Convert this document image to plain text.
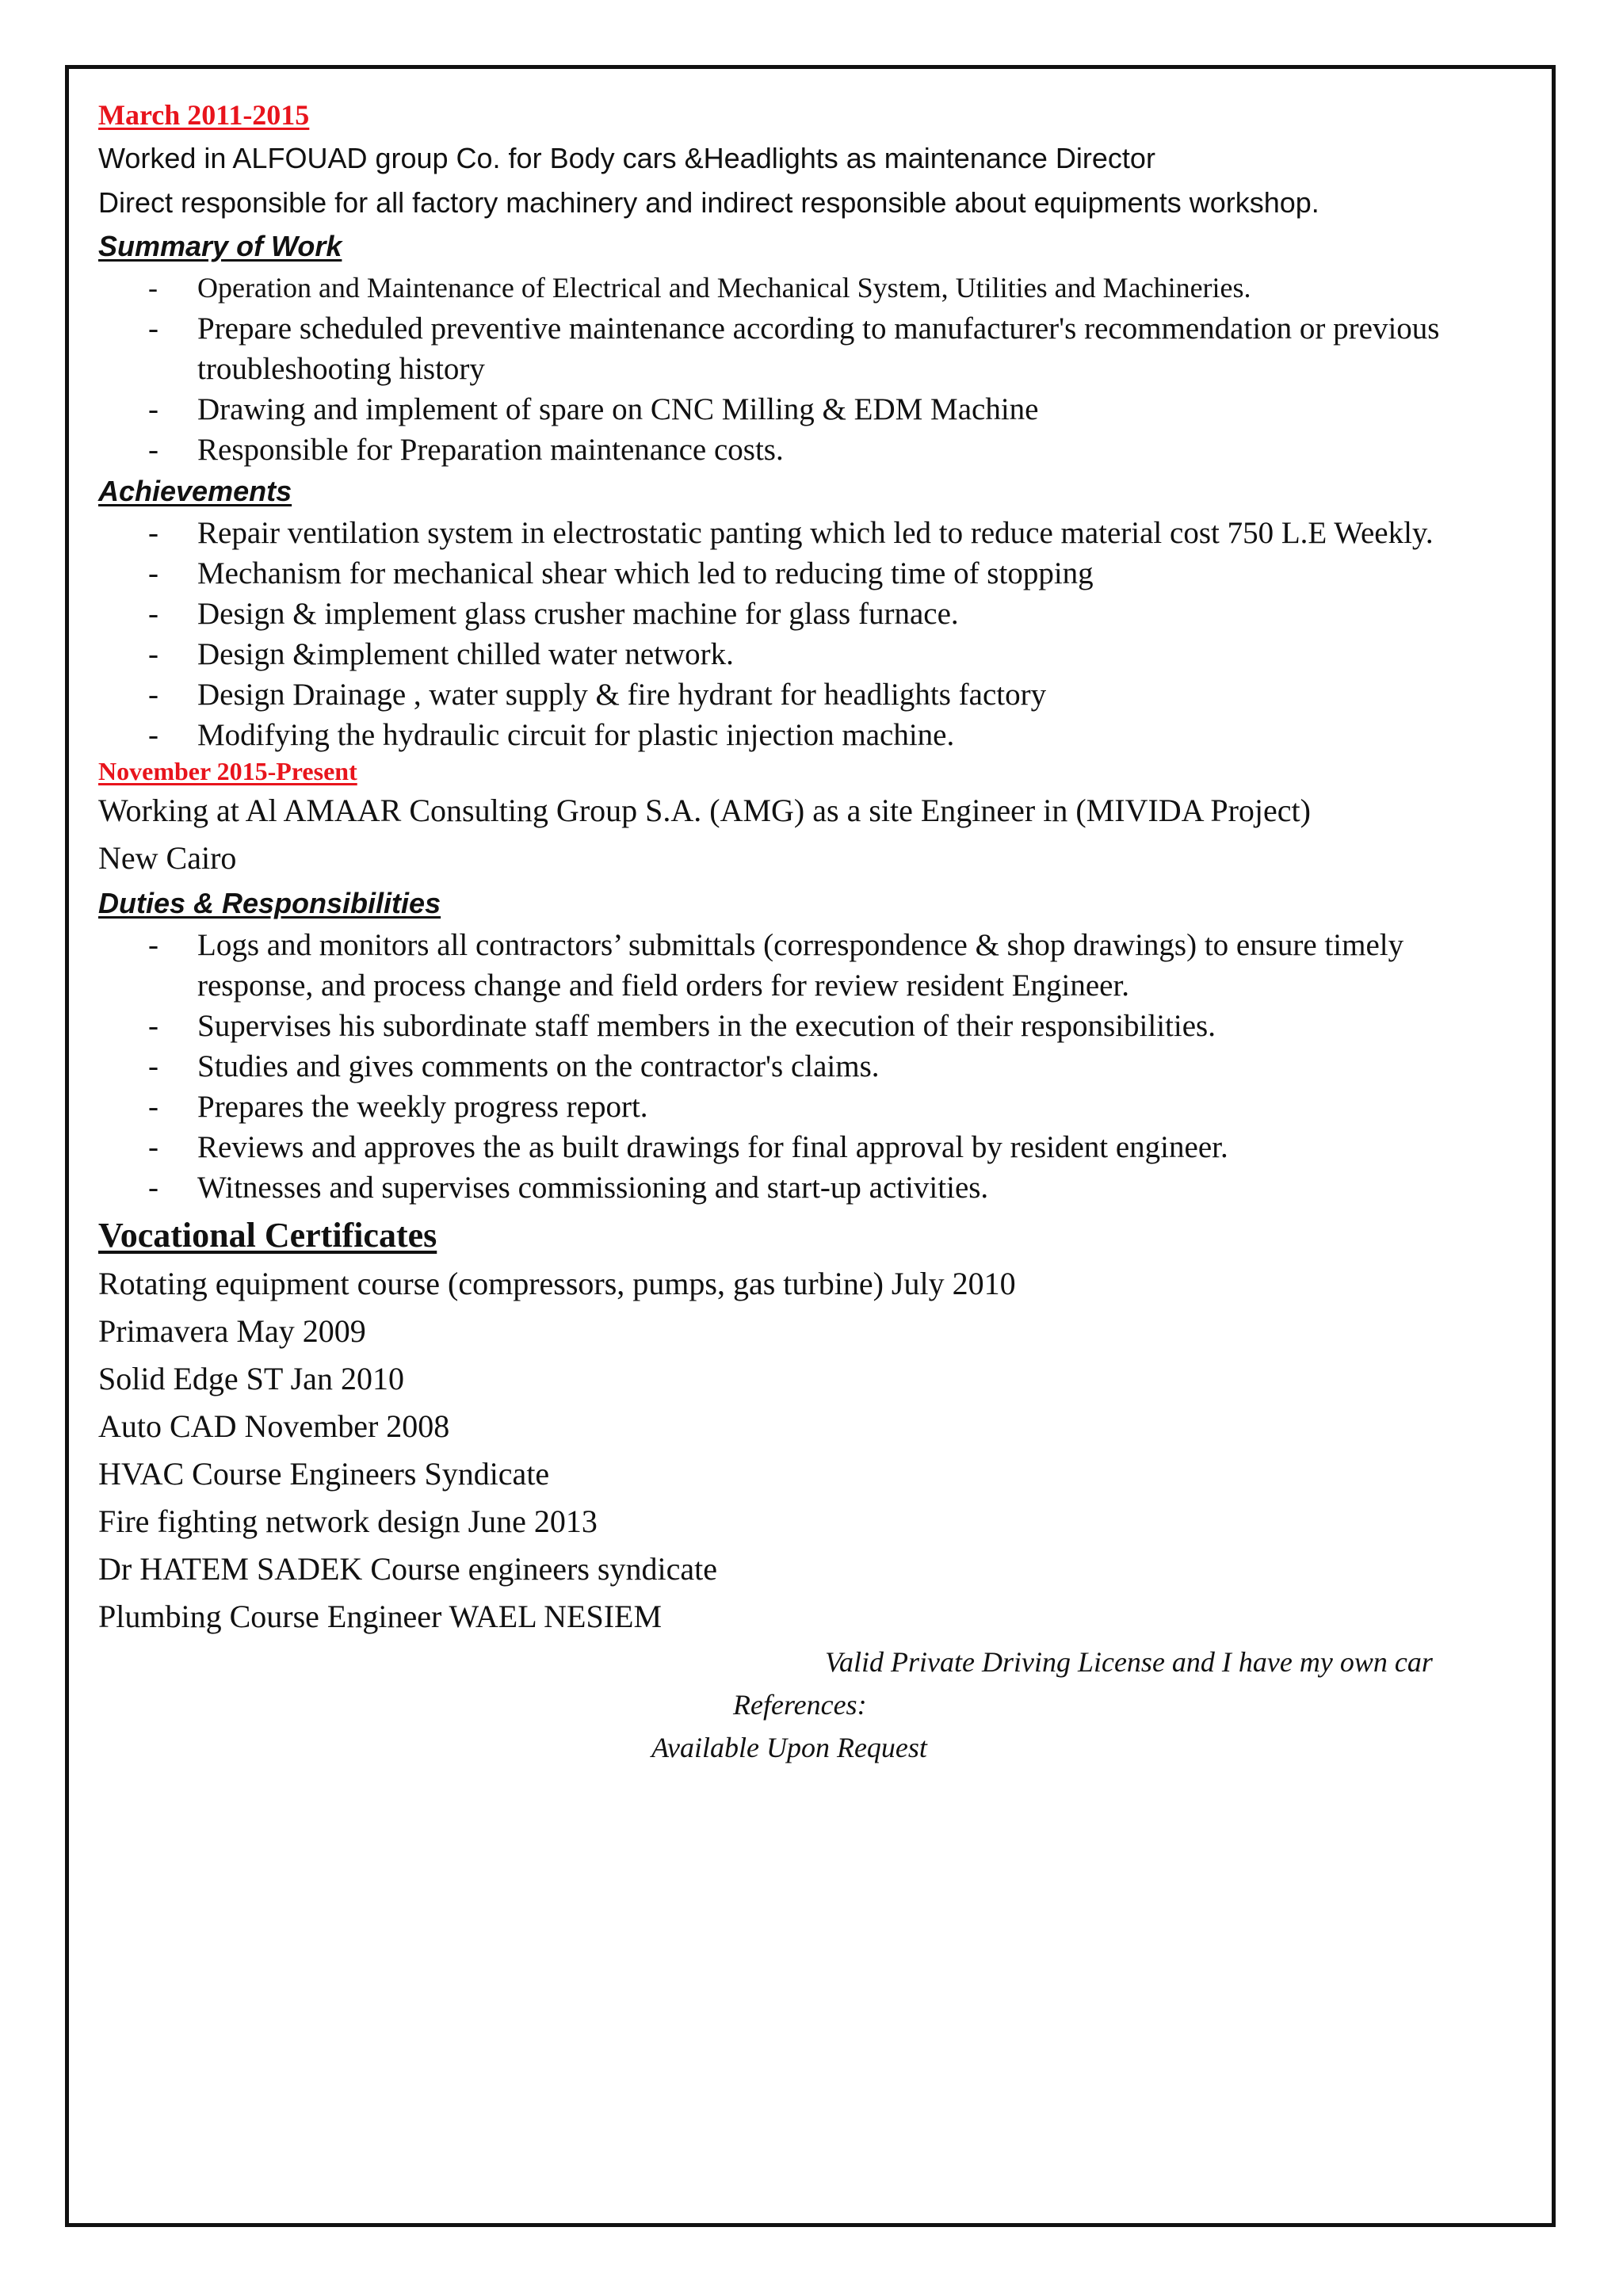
March 2011-2015

Worked in ALFOUAD group Co. for Body cars &Headlights as maintenance Director

Direct responsible for all factory machinery and indirect responsible about equipments workshop.

Summary of Work

- Operation and Maintenance of Electrical and Mechanical System, Utilities and Machineries.
- Prepare scheduled preventive maintenance according to manufacturer's recommendation or previous troubleshooting history
- Drawing and implement of spare on CNC Milling & EDM Machine
- Responsible for Preparation maintenance costs.

Achievements

- Repair ventilation system in electrostatic panting which led to reduce material cost 750 L.E Weekly.
- Mechanism for mechanical shear which led to reducing time of stopping
- Design & implement glass crusher machine for glass furnace.
- Design &implement chilled water network.
- Design Drainage , water supply & fire hydrant for headlights factory
- Modifying the hydraulic circuit for plastic injection machine.

November 2015-Present

Working at Al AMAAR Consulting Group S.A. (AMG) as a site Engineer in (MIVIDA Project)

New Cairo

Duties & Responsibilities

- Logs and monitors all contractors’ submittals (correspondence & shop drawings) to ensure timely response, and process change and field orders for review resident Engineer.
- Supervises his subordinate staff members in the execution of their responsibilities.
- Studies and gives comments on the contractor's claims.
- Prepares the weekly progress report.
- Reviews and approves the as built drawings for final approval by resident engineer.
- Witnesses and supervises commissioning and start-up activities.

Vocational Certificates

Rotating equipment course (compressors, pumps, gas turbine) July 2010

Primavera May 2009

Solid Edge ST Jan 2010

Auto CAD November 2008

HVAC Course Engineers Syndicate

Fire fighting network design June 2013

Dr HATEM SADEK Course engineers syndicate

Plumbing Course Engineer WAEL NESIEM

Valid Private Driving License and I have my own car

References:

Available Upon Request
